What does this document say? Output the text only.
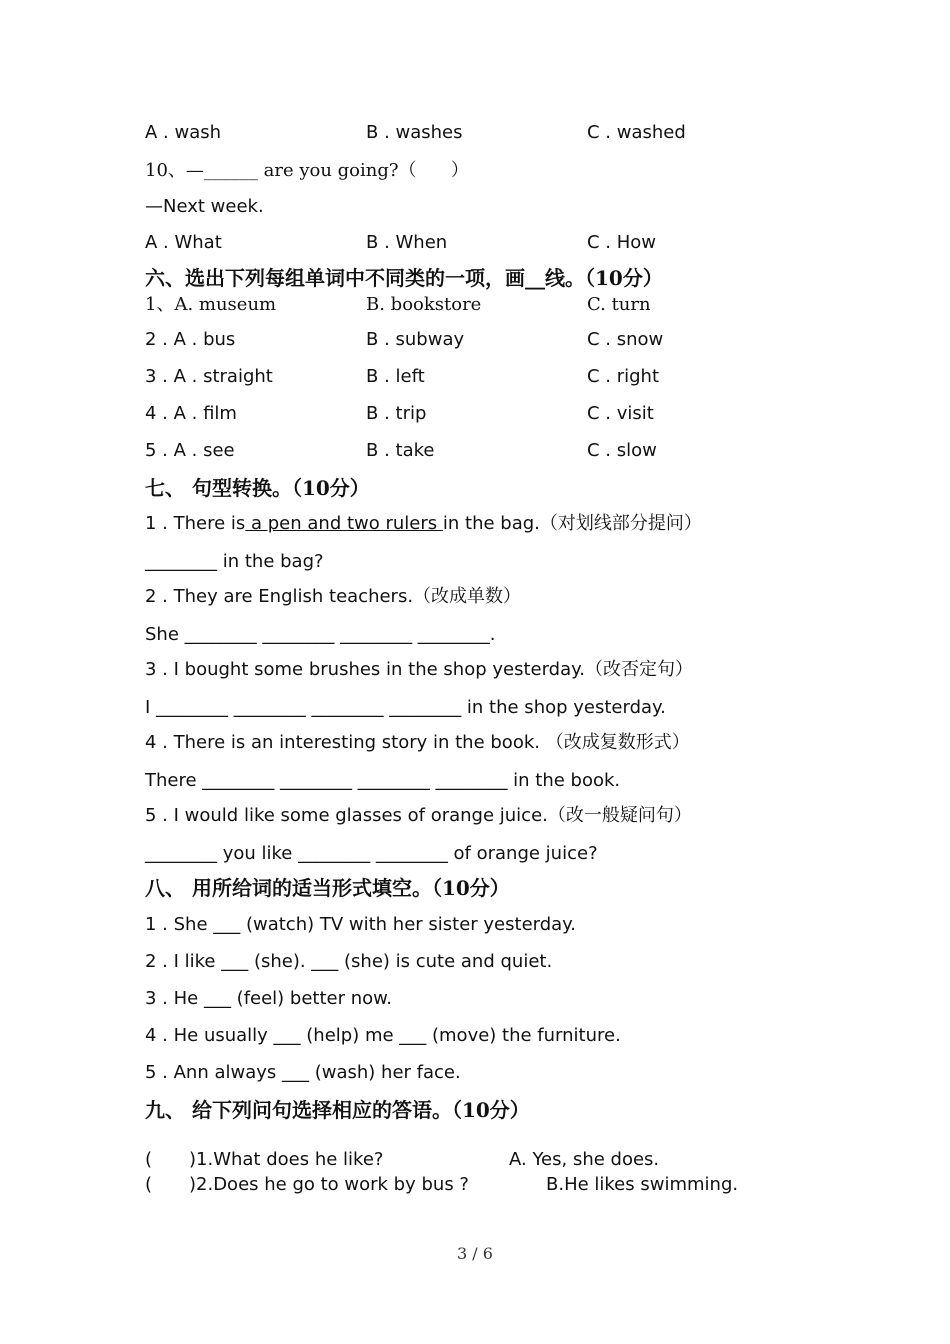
A . wash	B . washes	C . washed
10、—______ are you going?（      ）
—Next week.
A . What	B . When	C . How
六、选出下列每组单词中不同类的一项，画__线。（10分）
1、A. museum	B. bookstore	C. turn
2 . A . bus	B . subway	C . snow
3 . A . straight	B . left	C . right
4 . A . film	B . trip	C . visit
5 . A . see	B . take	C . slow
七、 句型转换。（10分）
1 . There is a pen and two rulers in the bag.（对划线部分提问）
________ in the bag?
2 . They are English teachers.（改成单数）
She ________ ________ ________ ________.
3 . I bought some brushes in the shop yesterday.（改否定句）
I ________ ________ ________ ________ in the shop yesterday.
4 . There is an interesting story in the book. （改成复数形式）
There ________ ________ ________ ________ in the book.
5 . I would like some glasses of orange juice.（改一般疑问句）
________ you like ________ ________ of orange juice?
八、 用所给词的适当形式填空。（10分）
1 . She ___ (watch) TV with her sister yesterday.
2 . I like ___ (she). ___ (she) is cute and quiet.
3 . He ___ (feel) better now.
4 . He usually ___ (help) me ___ (move) the furniture.
5 . Ann always ___ (wash) her face.
九、 给下列问句选择相应的答语。（10分）
( )1.What does he like?	A. Yes, she does.
( )2.Does he go to work by bus ?	B.He likes swimming.
3 / 6
